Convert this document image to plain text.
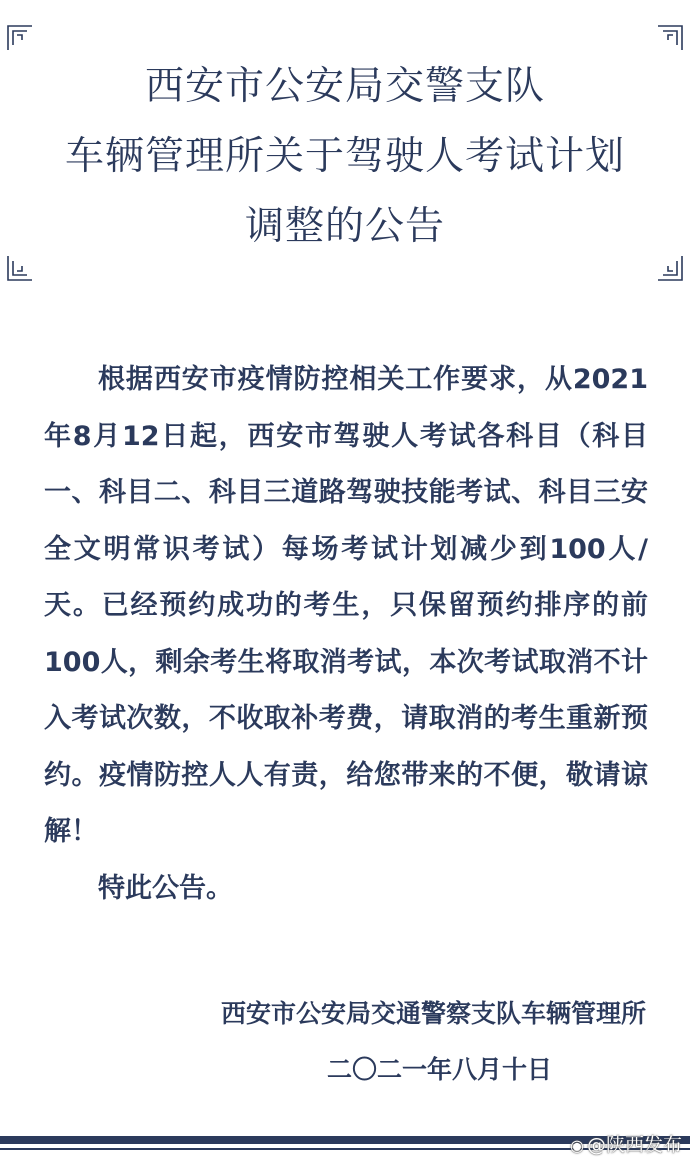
西安市公安局交警支队
车辆管理所关于驾驶人考试计划
调整的公告

根据西安市疫情防控相关工作要求，从2021年8月12日起，西安市驾驶人考试各科目（科目一、科目二、科目三道路驾驶技能考试、科目三安全文明常识考试）每场考试计划减少到100人/天。已经预约成功的考生，只保留预约排序的前100人，剩余考生将取消考试，本次考试取消不计入考试次数，不收取补考费，请取消的考生重新预约。疫情防控人人有责，给您带来的不便，敬请谅解！

特此公告。

西安市公安局交通警察支队车辆管理所
二〇二一年八月十日
◉ @陕西发布
